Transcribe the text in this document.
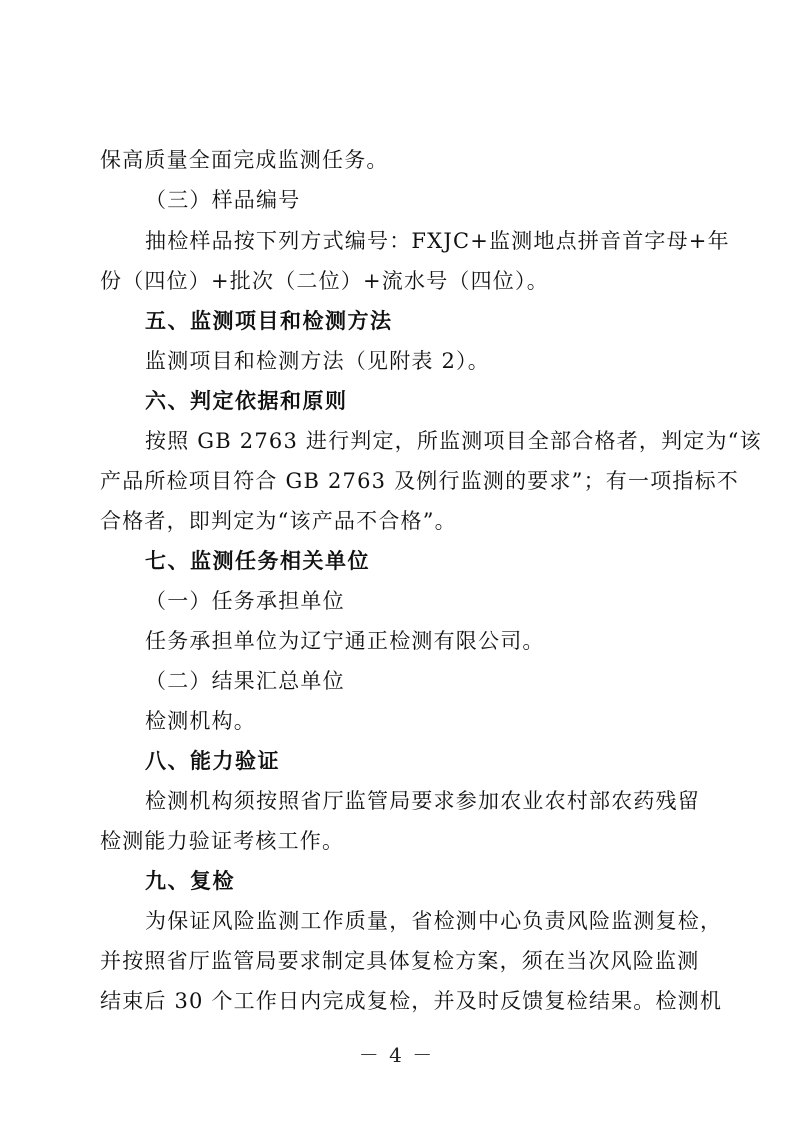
保高质量全面完成监测任务。
（三）样品编号
抽检样品按下列方式编号：FXJC+监测地点拼音首字母+年
份（四位）+批次（二位）+流水号（四位）。
五、监测项目和检测方法
监测项目和检测方法（见附表 2）。
六、判定依据和原则
按照 GB 2763 进行判定，所监测项目全部合格者，判定为“该
产品所检项目符合 GB 2763 及例行监测的要求”；有一项指标不
合格者，即判定为“该产品不合格”。
七、监测任务相关单位
（一）任务承担单位
任务承担单位为辽宁通正检测有限公司。
（二）结果汇总单位
检测机构。
八、能力验证
检测机构须按照省厅监管局要求参加农业农村部农药残留
检测能力验证考核工作。
九、复检
为保证风险监测工作质量，省检测中心负责风险监测复检，
并按照省厅监管局要求制定具体复检方案，须在当次风险监测
结束后 30 个工作日内完成复检，并及时反馈复检结果。检测机
－ 4 －
